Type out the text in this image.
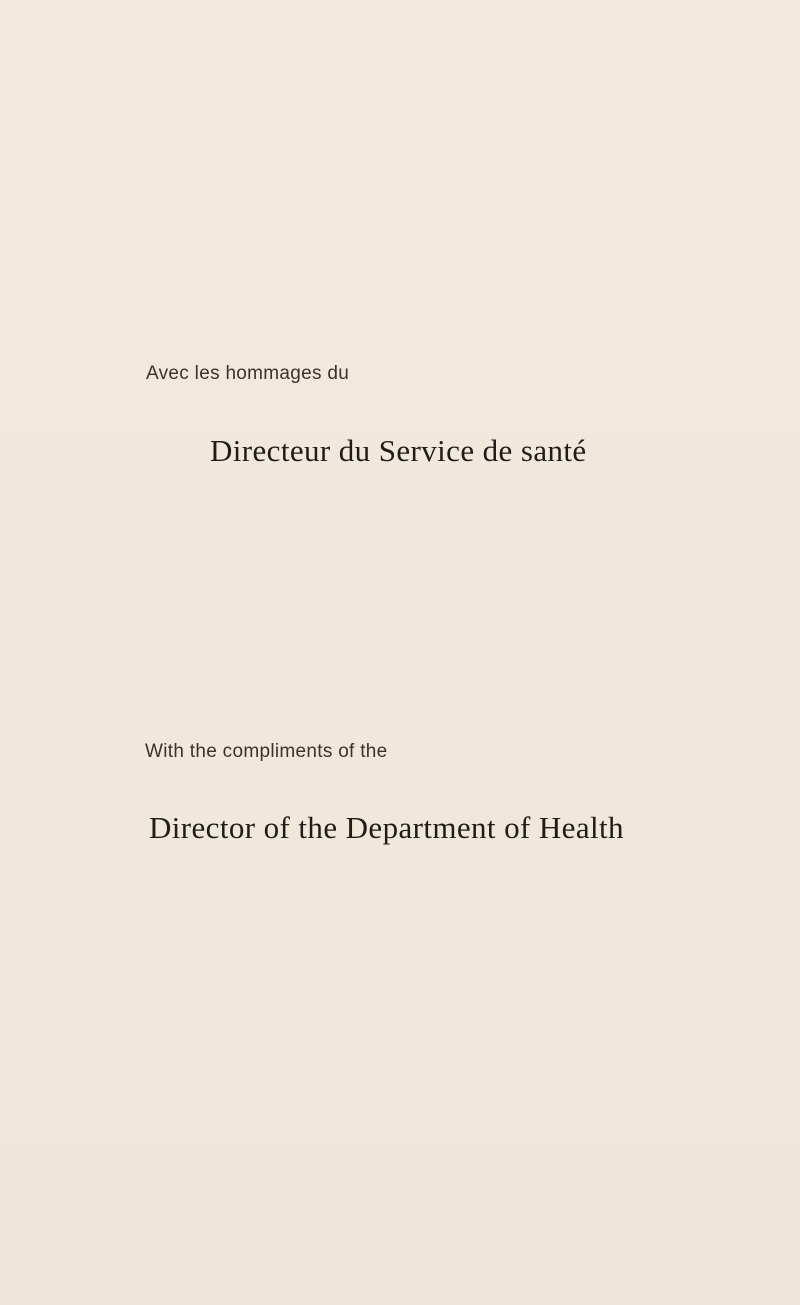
Avec les hommages du
Directeur du Service de santé
With the compliments of the
Director of the Department of Health
